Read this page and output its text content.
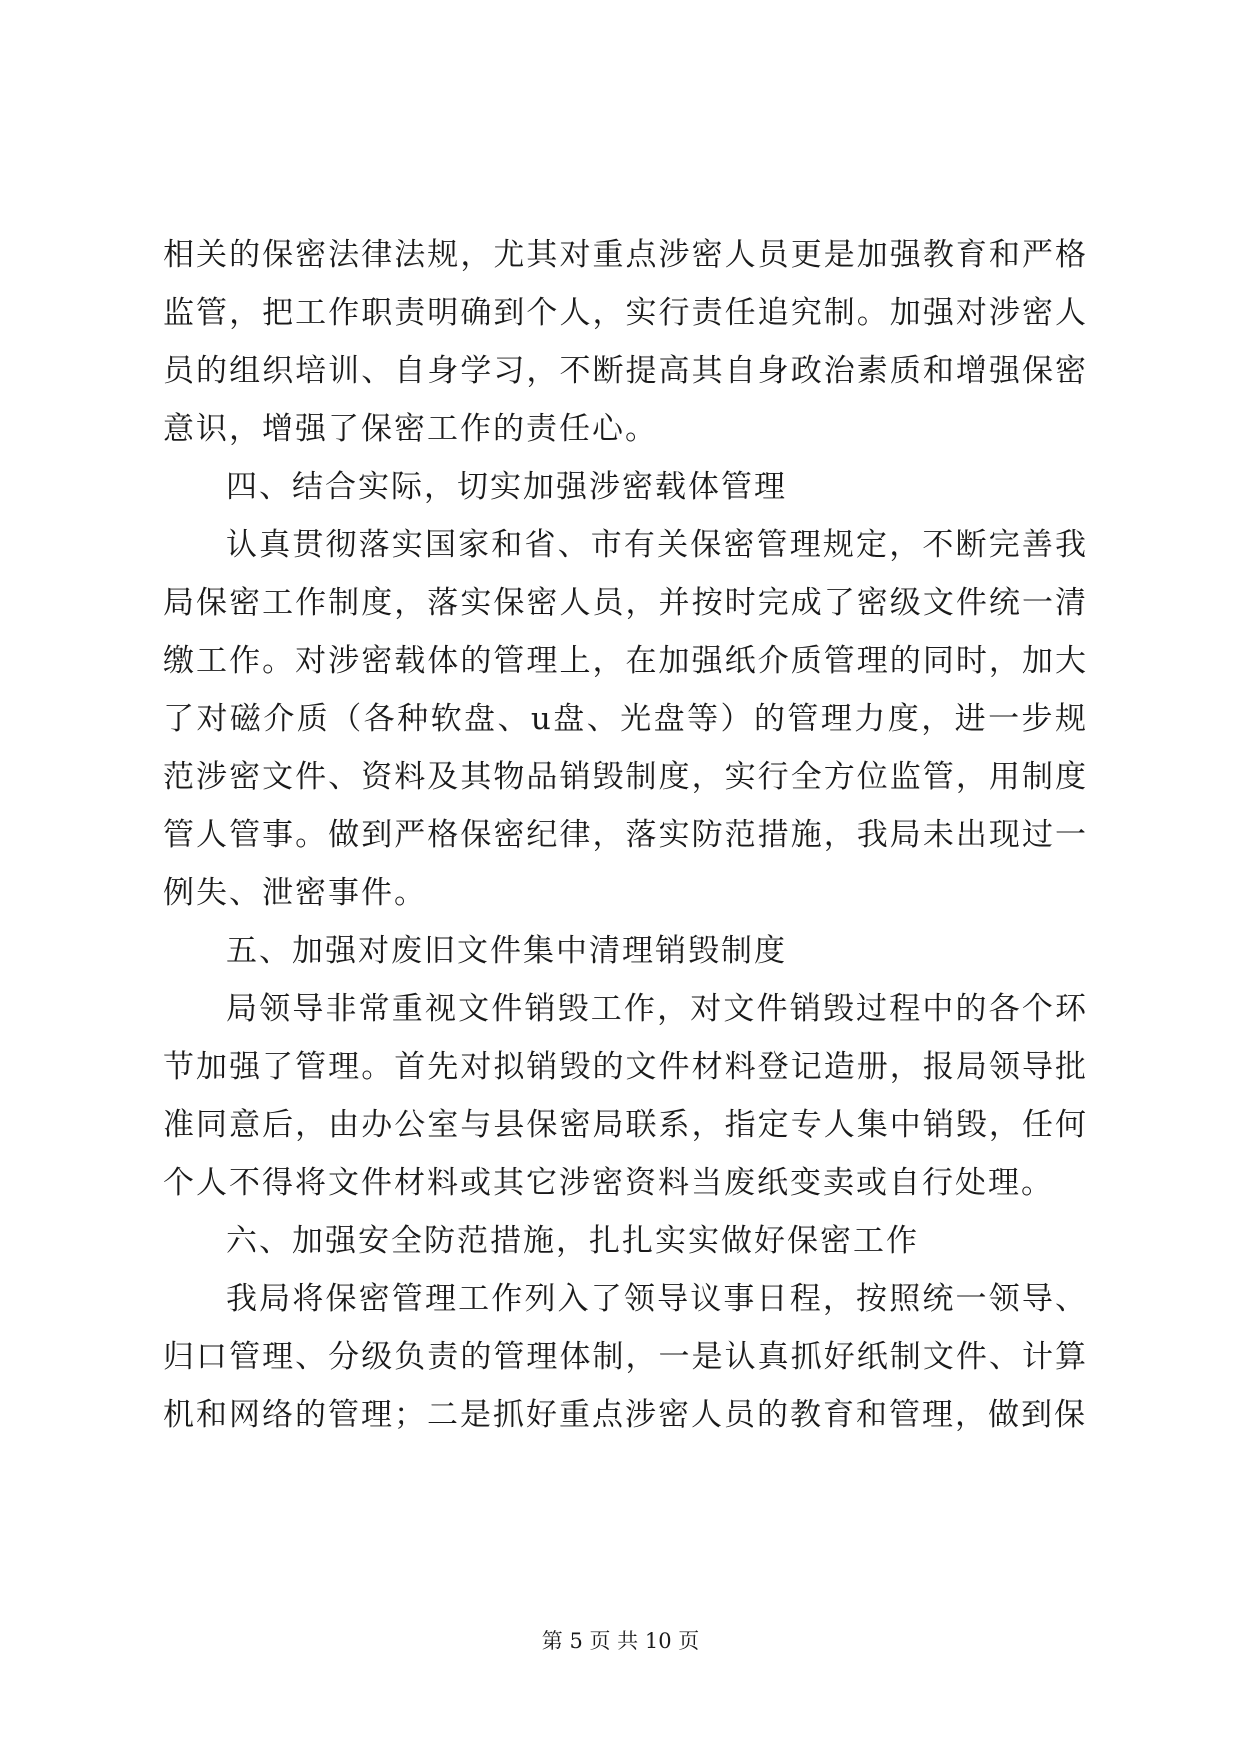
相关的保密法律法规，尤其对重点涉密人员更是加强教育和严格监管，把工作职责明确到个人，实行责任追究制。加强对涉密人员的组织培训、自身学习，不断提高其自身政治素质和增强保密意识，增强了保密工作的责任心。

四、结合实际，切实加强涉密载体管理

认真贯彻落实国家和省、市有关保密管理规定，不断完善我局保密工作制度，落实保密人员，并按时完成了密级文件统一清缴工作。对涉密载体的管理上，在加强纸介质管理的同时，加大了对磁介质（各种软盘、u盘、光盘等）的管理力度，进一步规范涉密文件、资料及其物品销毁制度，实行全方位监管，用制度管人管事。做到严格保密纪律，落实防范措施，我局未出现过一例失、泄密事件。

五、加强对废旧文件集中清理销毁制度

局领导非常重视文件销毁工作，对文件销毁过程中的各个环节加强了管理。首先对拟销毁的文件材料登记造册，报局领导批准同意后，由办公室与县保密局联系，指定专人集中销毁，任何个人不得将文件材料或其它涉密资料当废纸变卖或自行处理。

六、加强安全防范措施，扎扎实实做好保密工作

我局将保密管理工作列入了领导议事日程，按照统一领导、归口管理、分级负责的管理体制，一是认真抓好纸制文件、计算机和网络的管理；二是抓好重点涉密人员的教育和管理，做到保

第 5 页 共 10 页
